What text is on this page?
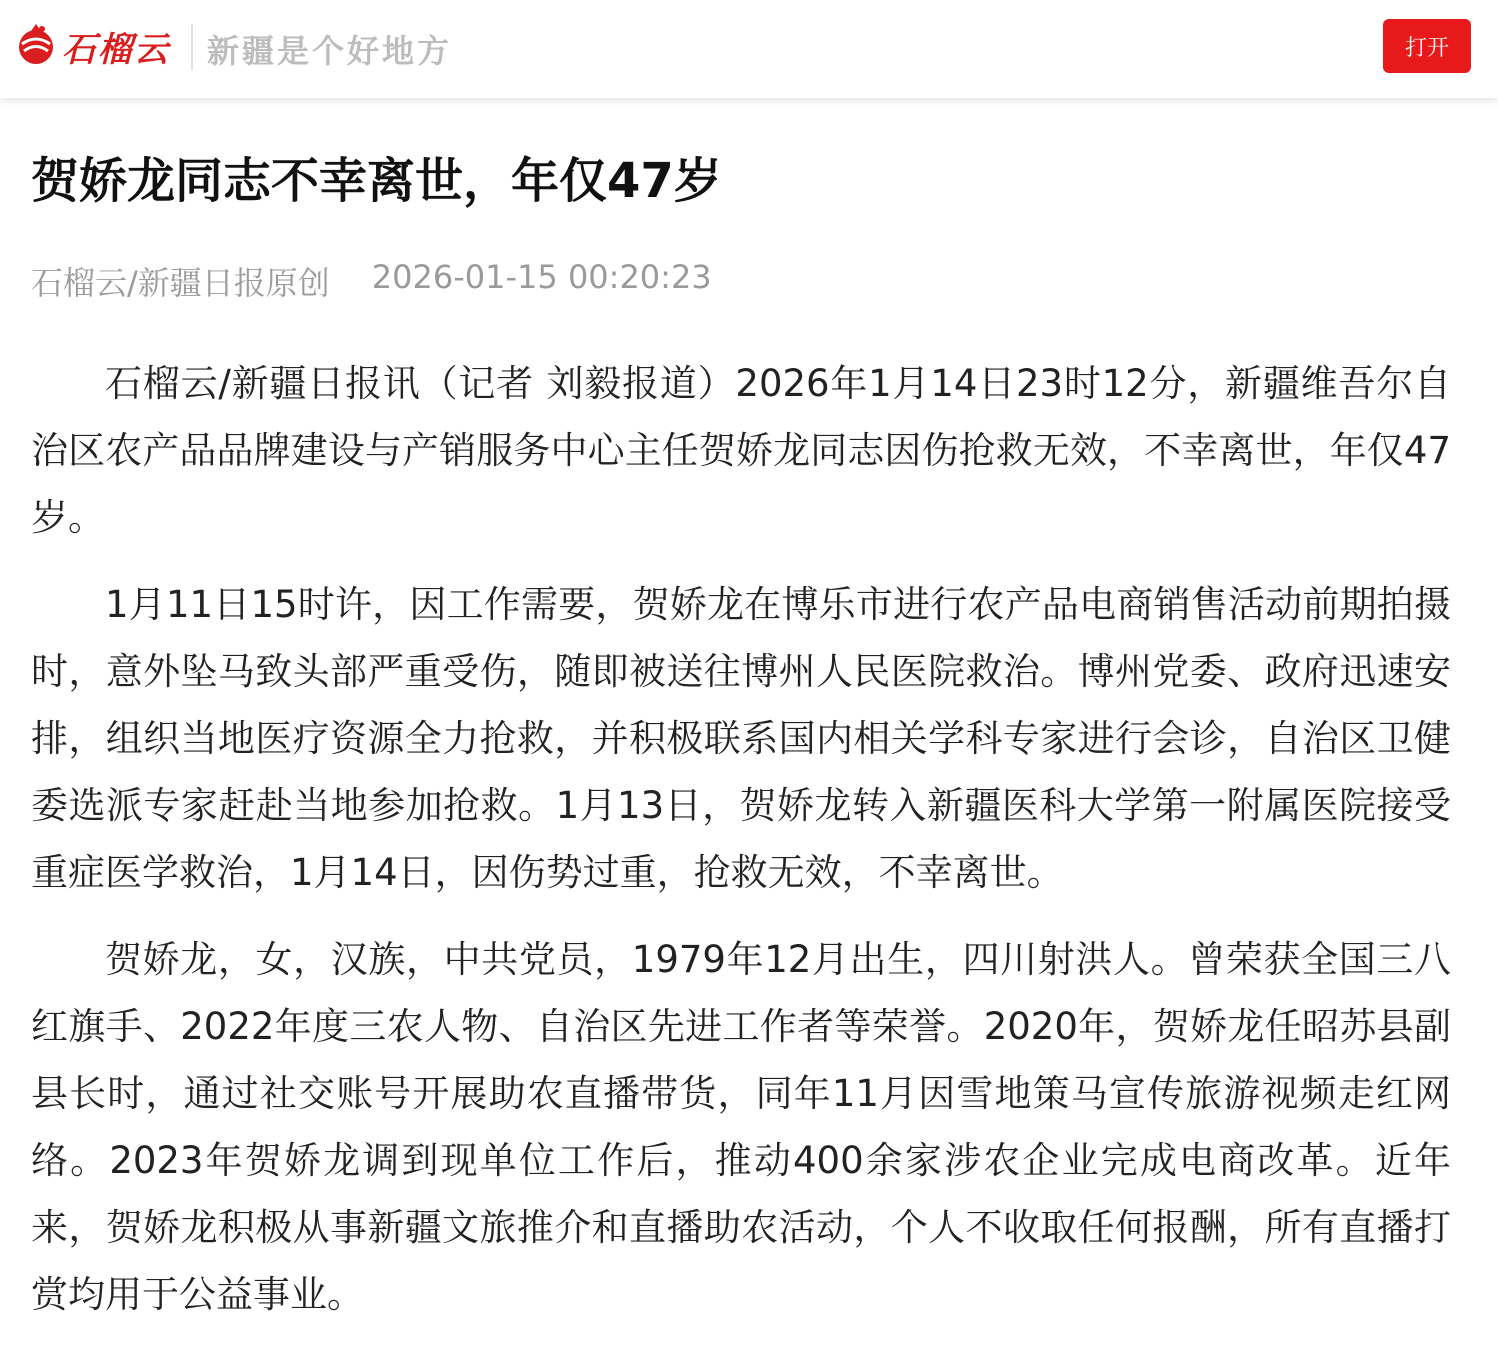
石榴云 新疆是个好地方	打开
贺娇龙同志不幸离世，年仅47岁
石榴云/新疆日报原创 2026-01-15 00:20:23

石榴云/新疆日报讯（记者 刘毅报道）2026年1月14日23时12分，新疆维吾尔自治区农产品品牌建设与产销服务中心主任贺娇龙同志因伤抢救无效，不幸离世，年仅47岁。

1月11日15时许，因工作需要，贺娇龙在博乐市进行农产品电商销售活动前期拍摄时，意外坠马致头部严重受伤，随即被送往博州人民医院救治。博州党委、政府迅速安排，组织当地医疗资源全力抢救，并积极联系国内相关学科专家进行会诊，自治区卫健委选派专家赶赴当地参加抢救。1月13日，贺娇龙转入新疆医科大学第一附属医院接受重症医学救治，1月14日，因伤势过重，抢救无效，不幸离世。

贺娇龙，女，汉族，中共党员，1979年12月出生，四川射洪人。曾荣获全国三八红旗手、2022年度三农人物、自治区先进工作者等荣誉。2020年，贺娇龙任昭苏县副县长时，通过社交账号开展助农直播带货，同年11月因雪地策马宣传旅游视频走红网络。2023年贺娇龙调到现单位工作后，推动400余家涉农企业完成电商改革。近年来，贺娇龙积极从事新疆文旅推介和直播助农活动，个人不收取任何报酬，所有直播打赏均用于公益事业。
